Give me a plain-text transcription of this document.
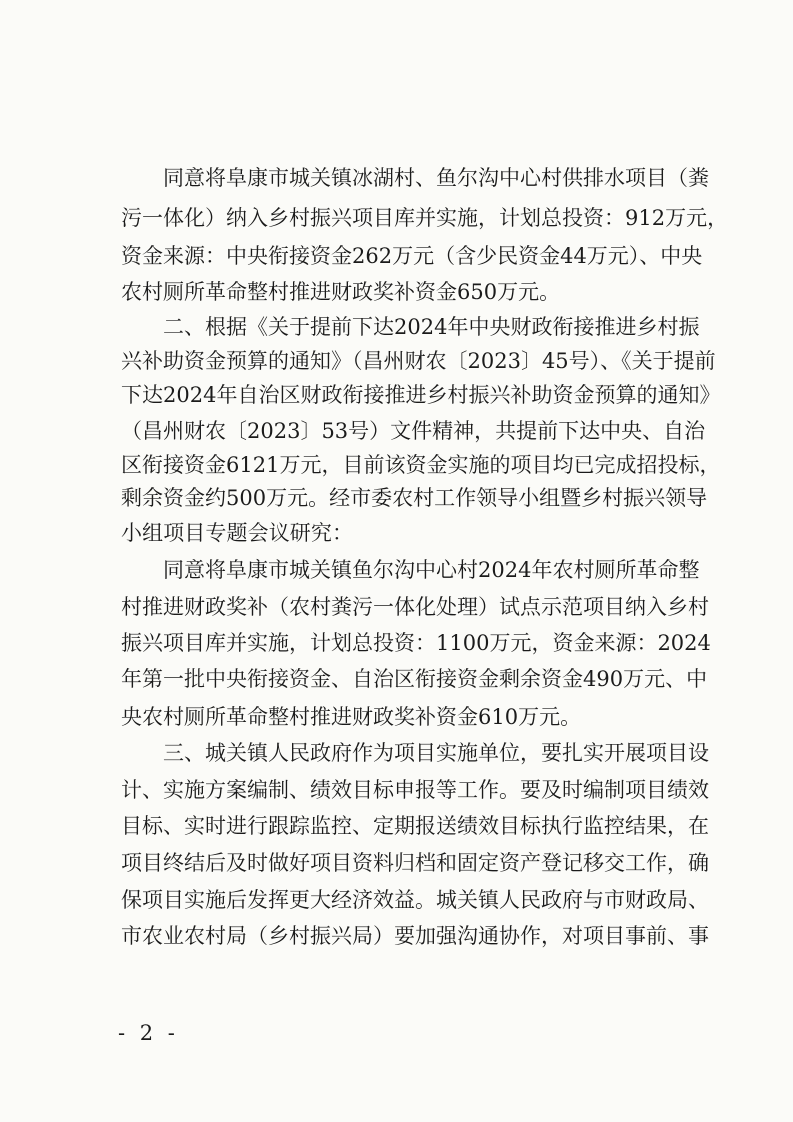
同意将阜康市城关镇冰湖村、鱼尔沟中心村供排水项目（粪
污一体化）纳入乡村振兴项目库并实施，计划总投资：912万元，
资金来源：中央衔接资金262万元（含少民资金44万元）、中央
农村厕所革命整村推进财政奖补资金650万元。
二、根据《关于提前下达2024年中央财政衔接推进乡村振
兴补助资金预算的通知》（昌州财农〔2023〕45号）、《关于提前
下达2024年自治区财政衔接推进乡村振兴补助资金预算的通知》
（昌州财农〔2023〕53号）文件精神，共提前下达中央、自治
区衔接资金6121万元，目前该资金实施的项目均已完成招投标，
剩余资金约500万元。经市委农村工作领导小组暨乡村振兴领导
小组项目专题会议研究：
同意将阜康市城关镇鱼尔沟中心村2024年农村厕所革命整
村推进财政奖补（农村粪污一体化处理）试点示范项目纳入乡村
振兴项目库并实施，计划总投资：1100万元，资金来源：2024
年第一批中央衔接资金、自治区衔接资金剩余资金490万元、中
央农村厕所革命整村推进财政奖补资金610万元。
三、城关镇人民政府作为项目实施单位，要扎实开展项目设
计、实施方案编制、绩效目标申报等工作。要及时编制项目绩效
目标、实时进行跟踪监控、定期报送绩效目标执行监控结果，在
项目终结后及时做好项目资料归档和固定资产登记移交工作，确
保项目实施后发挥更大经济效益。城关镇人民政府与市财政局、
市农业农村局（乡村振兴局）要加强沟通协作，对项目事前、事
- 2 -
